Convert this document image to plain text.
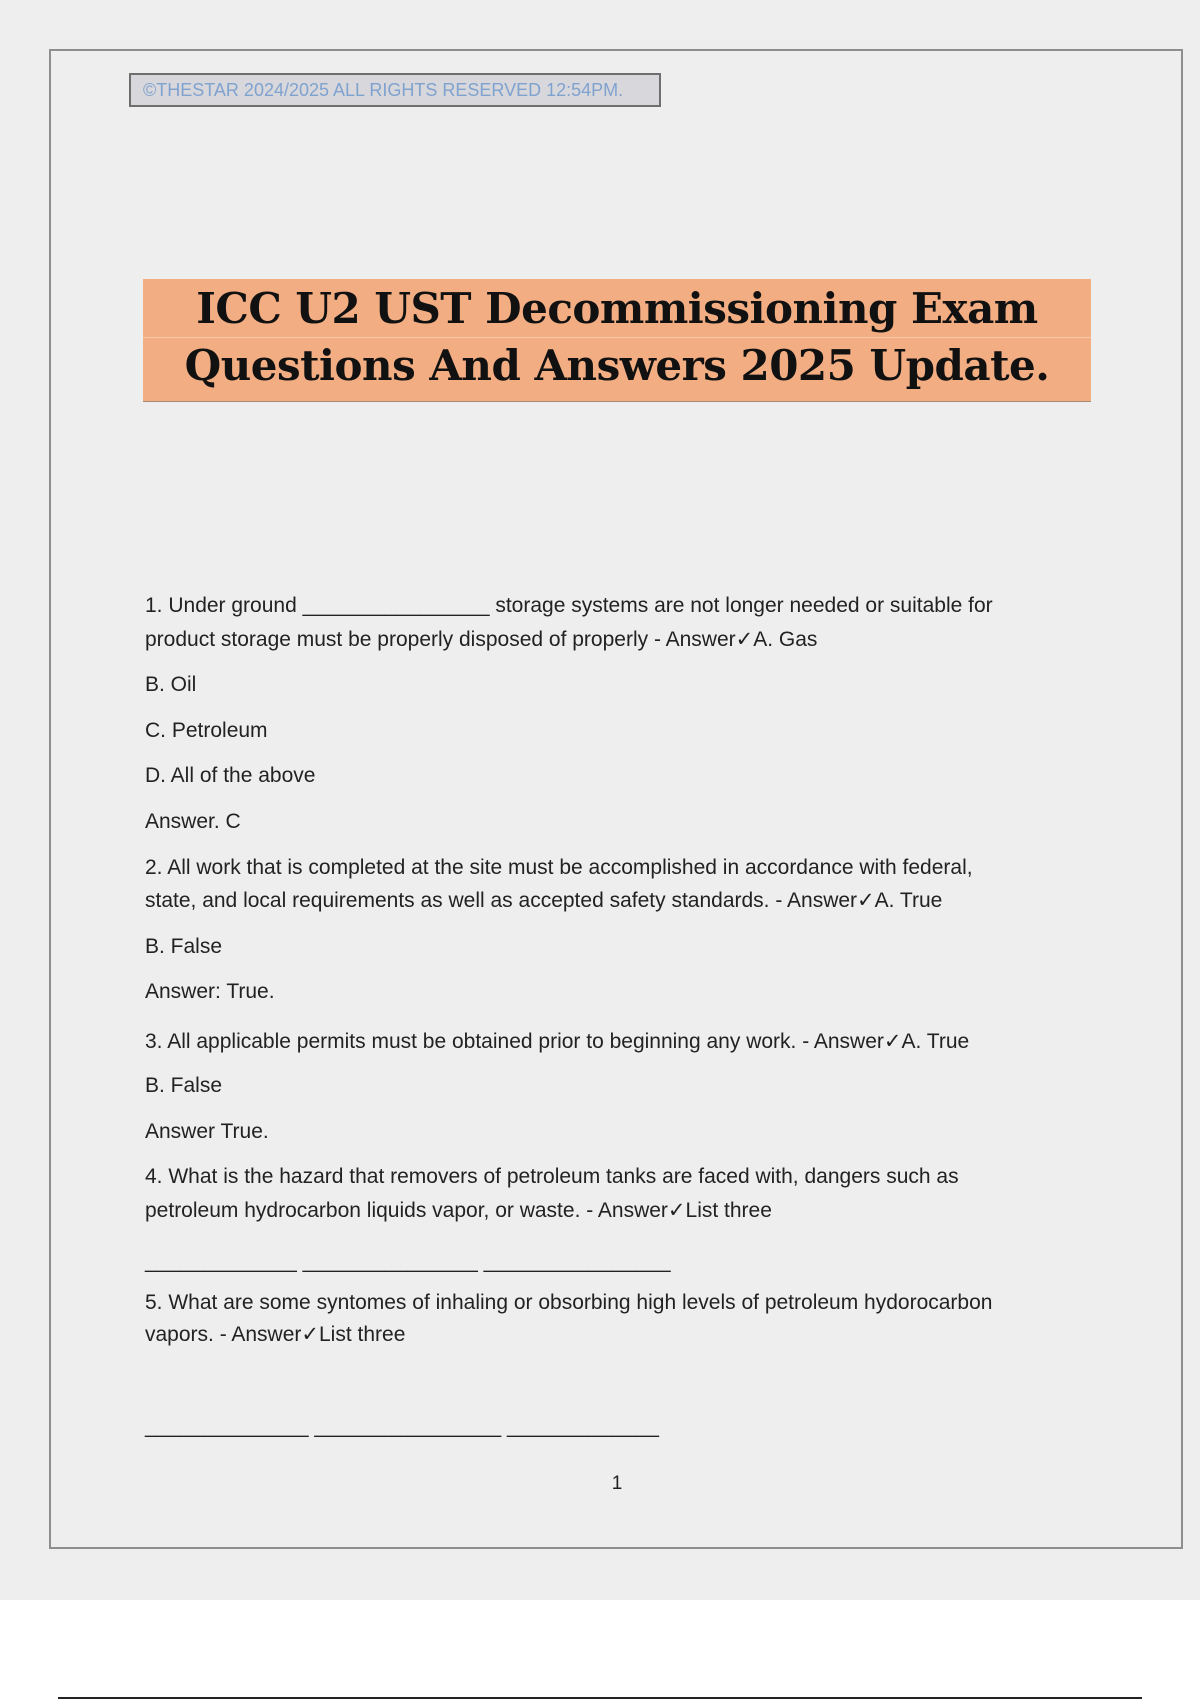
©THESTAR 2024/2025 ALL RIGHTS RESERVED 12:54PM.
ICC U2 UST Decommissioning Exam
Questions And Answers 2025 Update.
1. Under ground ________________ storage systems are not longer needed or suitable for
product storage must be properly disposed of properly - Answer✓A. Gas
B. Oil
C. Petroleum
D. All of the above
Answer. C
2. All work that is completed at the site must be accomplished in accordance with federal,
state, and local requirements as well as accepted safety standards. - Answer✓A. True
B. False
Answer: True.
3. All applicable permits must be obtained prior to beginning any work. - Answer✓A. True
B. False
Answer True.
4. What is the hazard that removers of petroleum tanks are faced with, dangers such as
petroleum hydrocarbon liquids vapor, or waste. - Answer✓List three
_____________ _______________ ________________
5. What are some syntomes of inhaling or obsorbing high levels of petroleum hydorocarbon
vapors. - Answer✓List three
______________ ________________ _____________
1
